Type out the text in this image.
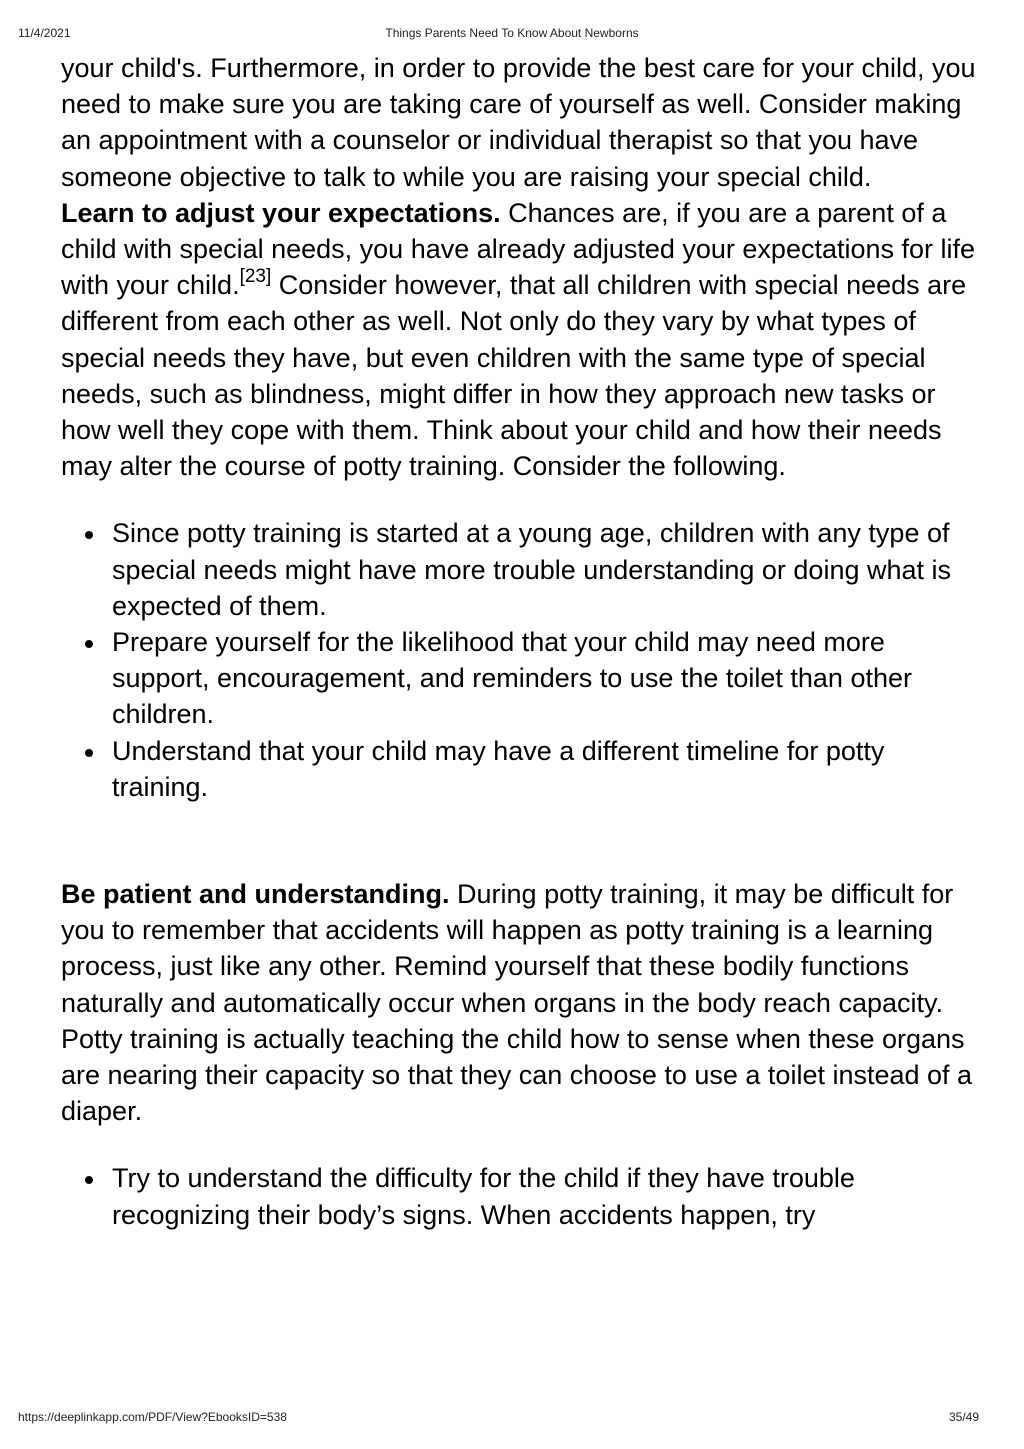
11/4/2021	Things Parents Need To Know About Newborns

your child's. Furthermore, in order to provide the best care for your child, you need to make sure you are taking care of yourself as well. Consider making an appointment with a counselor or individual therapist so that you have someone objective to talk to while you are raising your special child.

Learn to adjust your expectations. Chances are, if you are a parent of a child with special needs, you have already adjusted your expectations for life with your child.[23] Consider however, that all children with special needs are different from each other as well. Not only do they vary by what types of special needs they have, but even children with the same type of special needs, such as blindness, might differ in how they approach new tasks or how well they cope with them. Think about your child and how their needs may alter the course of potty training. Consider the following.

Since potty training is started at a young age, children with any type of special needs might have more trouble understanding or doing what is expected of them.
Prepare yourself for the likelihood that your child may need more support, encouragement, and reminders to use the toilet than other children.
Understand that your child may have a different timeline for potty training.

Be patient and understanding. During potty training, it may be difficult for you to remember that accidents will happen as potty training is a learning process, just like any other. Remind yourself that these bodily functions naturally and automatically occur when organs in the body reach capacity. Potty training is actually teaching the child how to sense when these organs are nearing their capacity so that they can choose to use a toilet instead of a diaper.

Try to understand the difficulty for the child if they have trouble recognizing their body’s signs. When accidents happen, try
https://deeplinkapp.com/PDF/View?EbooksID=538	35/49
